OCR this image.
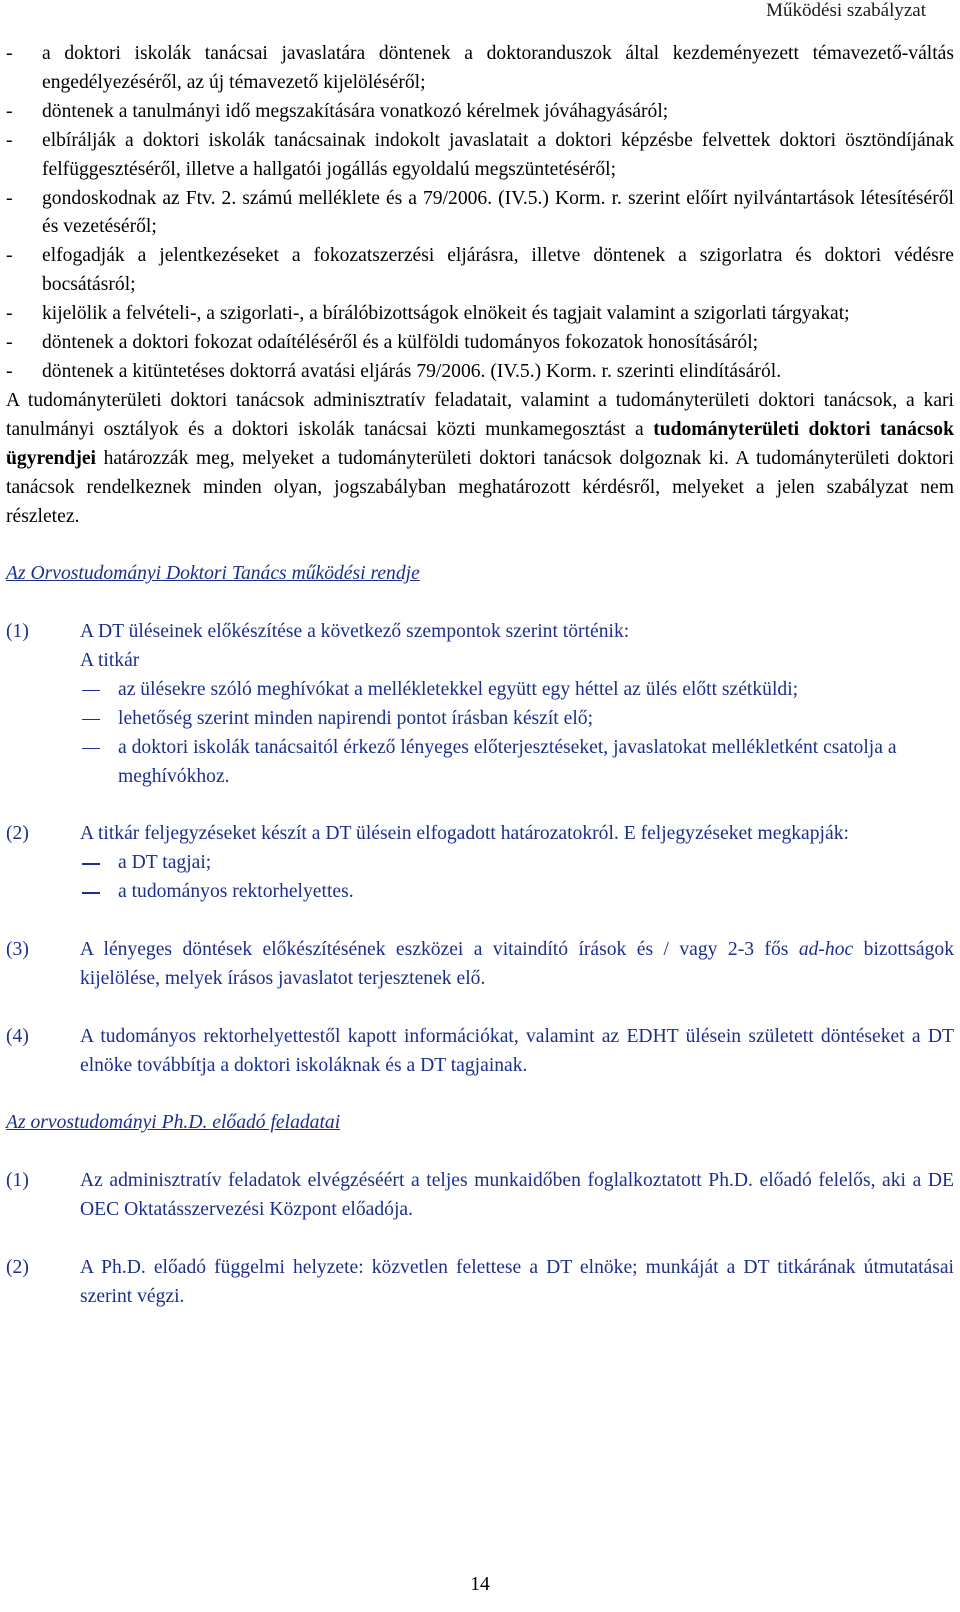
Működési szabályzat
- a doktori iskolák tanácsai javaslatára döntenek a doktoranduszok által kezdeményezett témavezető-váltás engedélyezéséről, az új témavezető kijelöléséről;
- döntenek a tanulmányi idő megszakítására vonatkozó kérelmek jóváhagyásáról;
- elbírálják a doktori iskolák tanácsainak indokolt javaslatait a doktori képzésbe felvettek doktori ösztöndíjának felfüggesztéséről, illetve a hallgatói jogállás egyoldalú megszüntetéséről;
- gondoskodnak az Ftv. 2. számú melléklete és a 79/2006. (IV.5.) Korm. r. szerint előírt nyilvántartások létesítéséről és vezetéséről;
- elfogadják a jelentkezéseket a fokozatszerzési eljárásra, illetve döntenek a szigorlatra és doktori védésre bocsátásról;
- kijelölik a felvételi-, a szigorlati-, a bírálóbizottságok elnökeit és tagjait valamint a szigorlati tárgyakat;
- döntenek a doktori fokozat odaítéléséről és a külföldi tudományos fokozatok honosításáról;
- döntenek a kitüntetéses doktorrá avatási eljárás 79/2006. (IV.5.) Korm. r. szerinti elindításáról.

A tudományterületi doktori tanácsok adminisztratív feladatait, valamint a tudományterületi doktori tanácsok, a kari tanulmányi osztályok és a doktori iskolák tanácsai közti munkamegosztást a tudományterületi doktori tanácsok ügyrendjei határozzák meg, melyeket a tudományterületi doktori tanácsok dolgoznak ki. A tudományterületi doktori tanácsok rendelkeznek minden olyan, jogszabályban meghatározott kérdésről, melyeket a jelen szabályzat nem részletez.

Az Orvostudományi Doktori Tanács működési rendje

(1)	A DT üléseinek előkészítése a következő szempontok szerint történik:
A titkár
az ülésekre szóló meghívókat a mellékletekkel együtt egy héttel az ülés előtt szétküldi;
lehetőség szerint minden napirendi pontot írásban készít elő;
a doktori iskolák tanácsaitól érkező lényeges előterjesztéseket, javaslatokat mellékletként csatolja a meghívókhoz.
(2)	A titkár feljegyzéseket készít a DT ülésein elfogadott határozatokról. E feljegyzéseket megkapják:
a DT tagjai;
a tudományos rektorhelyettes.
(3)	A lényeges döntések előkészítésének eszközei a vitaindító írások és / vagy 2-3 fős ad-hoc bizottságok kijelölése, melyek írásos javaslatot terjesztenek elő.
(4)	A tudományos rektorhelyettestől kapott információkat, valamint az EDHT ülésein született döntéseket a DT elnöke továbbítja a doktori iskoláknak és a DT tagjainak.

Az orvostudományi Ph.D. előadó feladatai

(1)	Az adminisztratív feladatok elvégzéséért a teljes munkaidőben foglalkoztatott Ph.D. előadó felelős, aki a DE OEC Oktatásszervezési Központ előadója.
(2)	A Ph.D. előadó függelmi helyzete: közvetlen felettese a DT elnöke; munkáját a DT titkárának útmutatásai szerint végzi.
14
